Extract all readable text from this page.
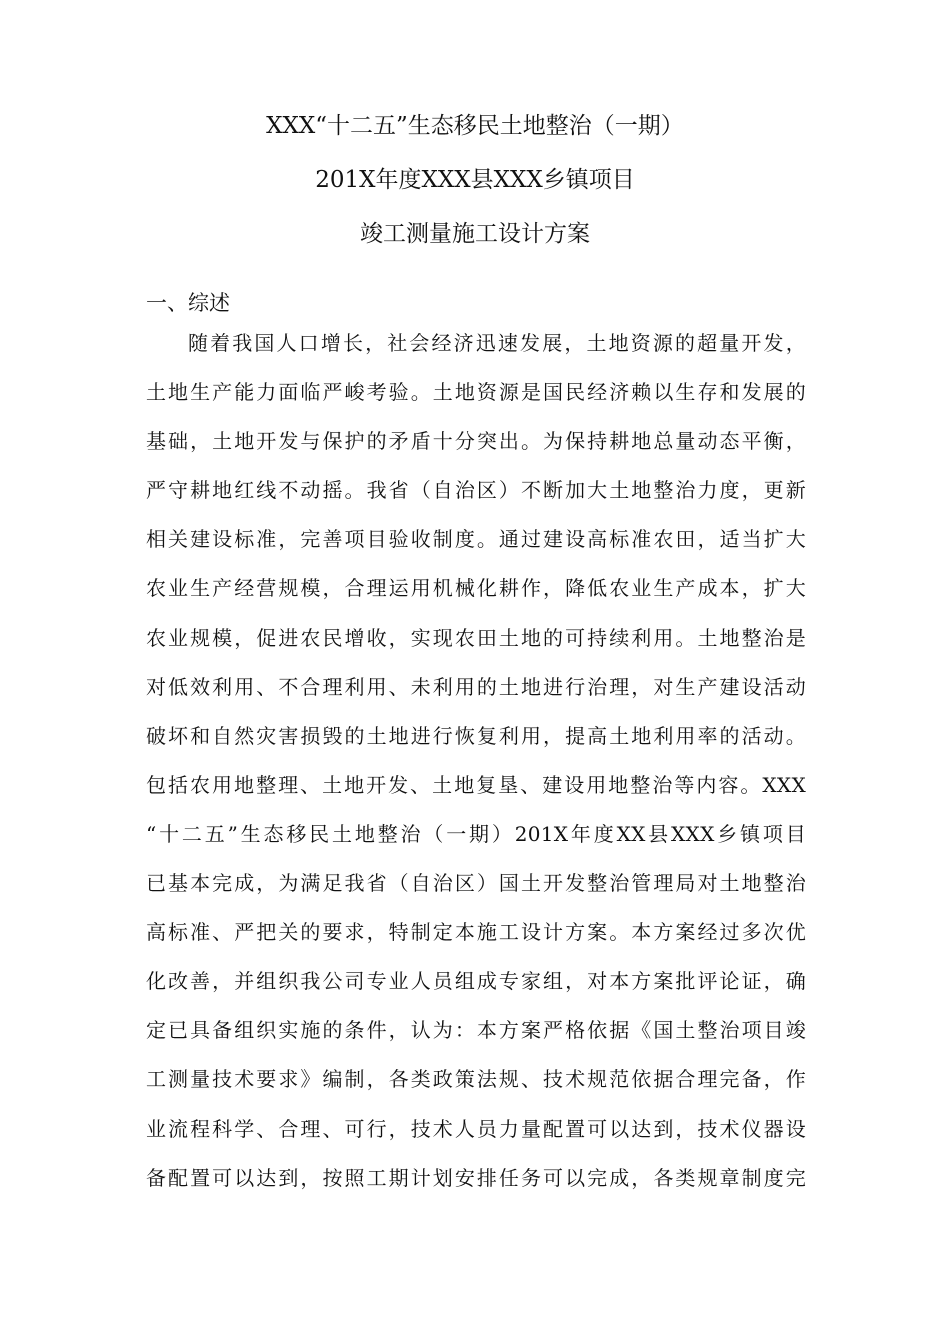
XXX“十二五”生态移民土地整治（一期）
201X年度XXX县XXX乡镇项目
竣工测量施工设计方案
一、综述
随着我国人口增长，社会经济迅速发展，土地资源的超量开发，
土地生产能力面临严峻考验。土地资源是国民经济赖以生存和发展的
基础，土地开发与保护的矛盾十分突出。为保持耕地总量动态平衡，
严守耕地红线不动摇。我省（自治区）不断加大土地整治力度，更新
相关建设标准，完善项目验收制度。通过建设高标准农田，适当扩大
农业生产经营规模，合理运用机械化耕作，降低农业生产成本，扩大
农业规模，促进农民增收，实现农田土地的可持续利用。土地整治是
对低效利用、不合理利用、未利用的土地进行治理，对生产建设活动
破坏和自然灾害损毁的土地进行恢复利用，提高土地利用率的活动。
包括农用地整理、土地开发、土地复垦、建设用地整治等内容。XXX
“十二五”生态移民土地整治（一期）201X年度XX县XXX乡镇项目
已基本完成，为满足我省（自治区）国土开发整治管理局对土地整治
高标准、严把关的要求，特制定本施工设计方案。本方案经过多次优
化改善，并组织我公司专业人员组成专家组，对本方案批评论证，确
定已具备组织实施的条件，认为：本方案严格依据《国土整治项目竣
工测量技术要求》编制，各类政策法规、技术规范依据合理完备，作
业流程科学、合理、可行，技术人员力量配置可以达到，技术仪器设
备配置可以达到，按照工期计划安排任务可以完成，各类规章制度完
